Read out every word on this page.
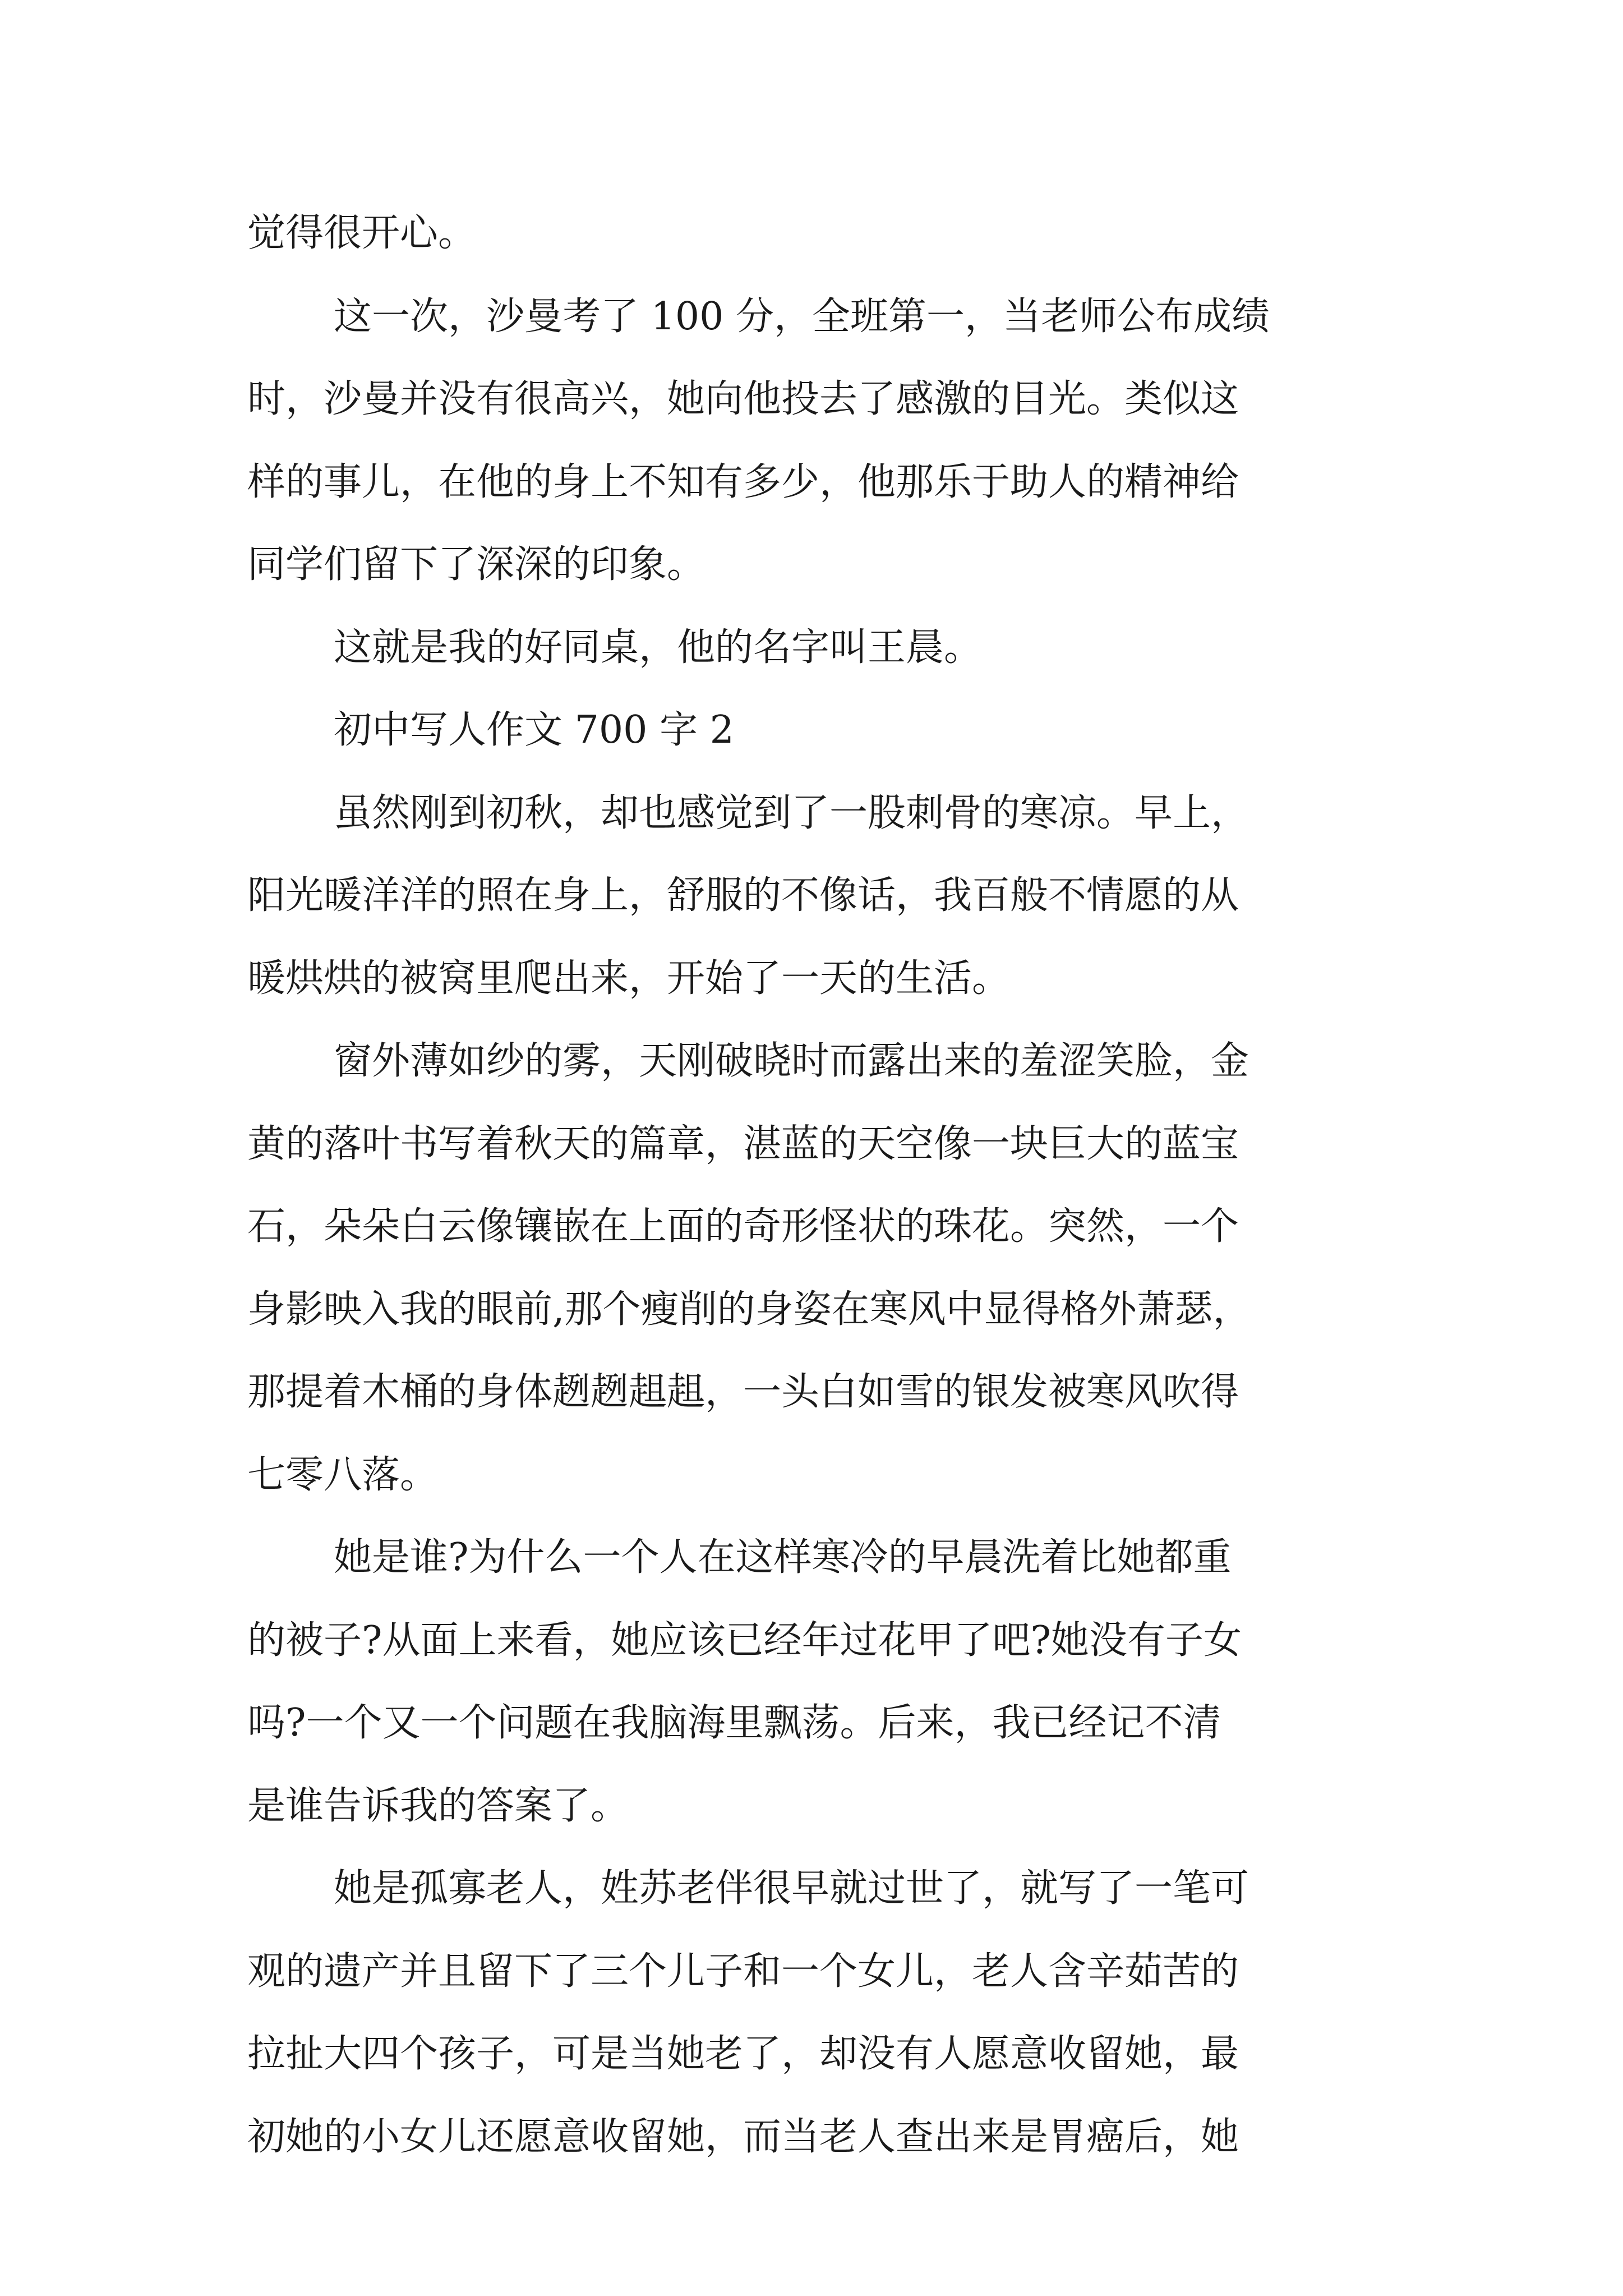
觉得很开心。

这一次，沙曼考了 100 分，全班第一，当老师公布成绩

时，沙曼并没有很高兴，她向他投去了感激的目光。类似这

样的事儿，在他的身上不知有多少，他那乐于助人的精神给

同学们留下了深深的印象。

这就是我的好同桌，他的名字叫王晨。

初中写人作文 700 字 2

虽然刚到初秋，却也感觉到了一股刺骨的寒凉。早上，

阳光暖洋洋的照在身上，舒服的不像话，我百般不情愿的从

暖烘烘的被窝里爬出来，开始了一天的生活。

窗外薄如纱的雾，天刚破晓时而露出来的羞涩笑脸，金

黄的落叶书写着秋天的篇章，湛蓝的天空像一块巨大的蓝宝

石，朵朵白云像镶嵌在上面的奇形怪状的珠花。突然，一个

身影映入我的眼前,那个瘦削的身姿在寒风中显得格外萧瑟，

那提着木桶的身体趔趔趄趄，一头白如雪的银发被寒风吹得

七零八落。

她是谁?为什么一个人在这样寒冷的早晨洗着比她都重

的被子?从面上来看，她应该已经年过花甲了吧?她没有子女

吗?一个又一个问题在我脑海里飘荡。后来，我已经记不清

是谁告诉我的答案了。

她是孤寡老人，姓苏老伴很早就过世了，就写了一笔可

观的遗产并且留下了三个儿子和一个女儿，老人含辛茹苦的

拉扯大四个孩子，可是当她老了，却没有人愿意收留她，最

初她的小女儿还愿意收留她，而当老人查出来是胃癌后，她
